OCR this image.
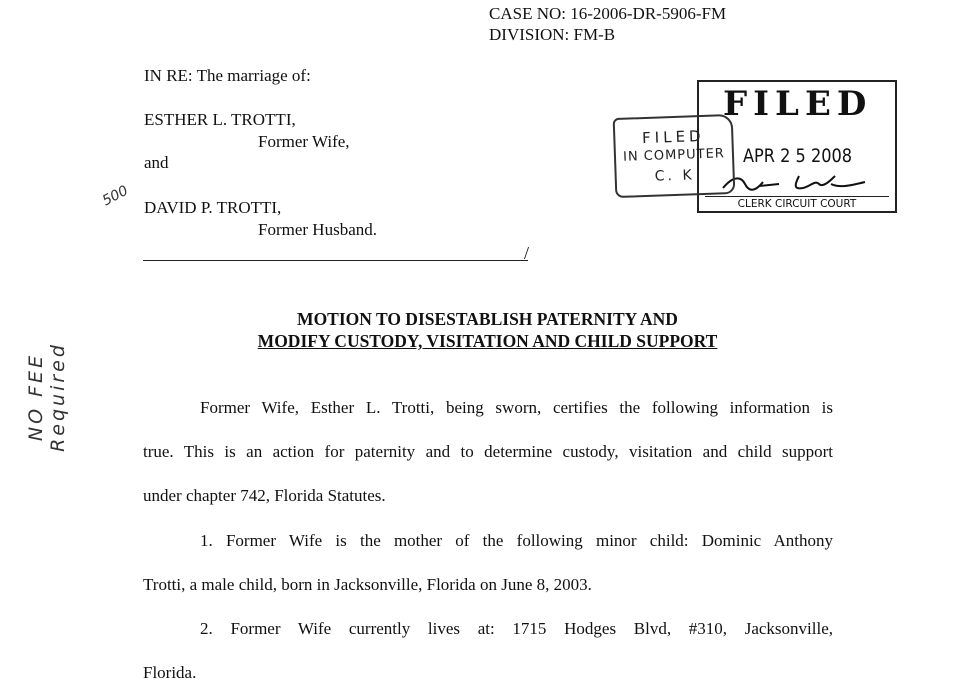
CASE NO: 16-2006-DR-5906-FM
DIVISION: FM-B
IN RE: The marriage of:
ESTHER L. TROTTI,
Former Wife,
and
DAVID P. TROTTI,
Former Husband.
/
NO FEE Required
500
FILED
APR 2 5 2008
CLERK CIRCUIT COURT
FILED
IN COMPUTER
C. K
MOTION TO DISESTABLISH PATERNITY AND
MODIFY CUSTODY, VISITATION AND CHILD SUPPORT
Former Wife, Esther L. Trotti, being sworn, certifies the following information is
true. This is an action for paternity and to determine custody, visitation and child support
under chapter 742, Florida Statutes.
1. Former Wife is the mother of the following minor child: Dominic Anthony
Trotti, a male child, born in Jacksonville, Florida on June 8, 2003.
2. Former Wife currently lives at: 1715 Hodges Blvd, #310, Jacksonville,
Florida.
